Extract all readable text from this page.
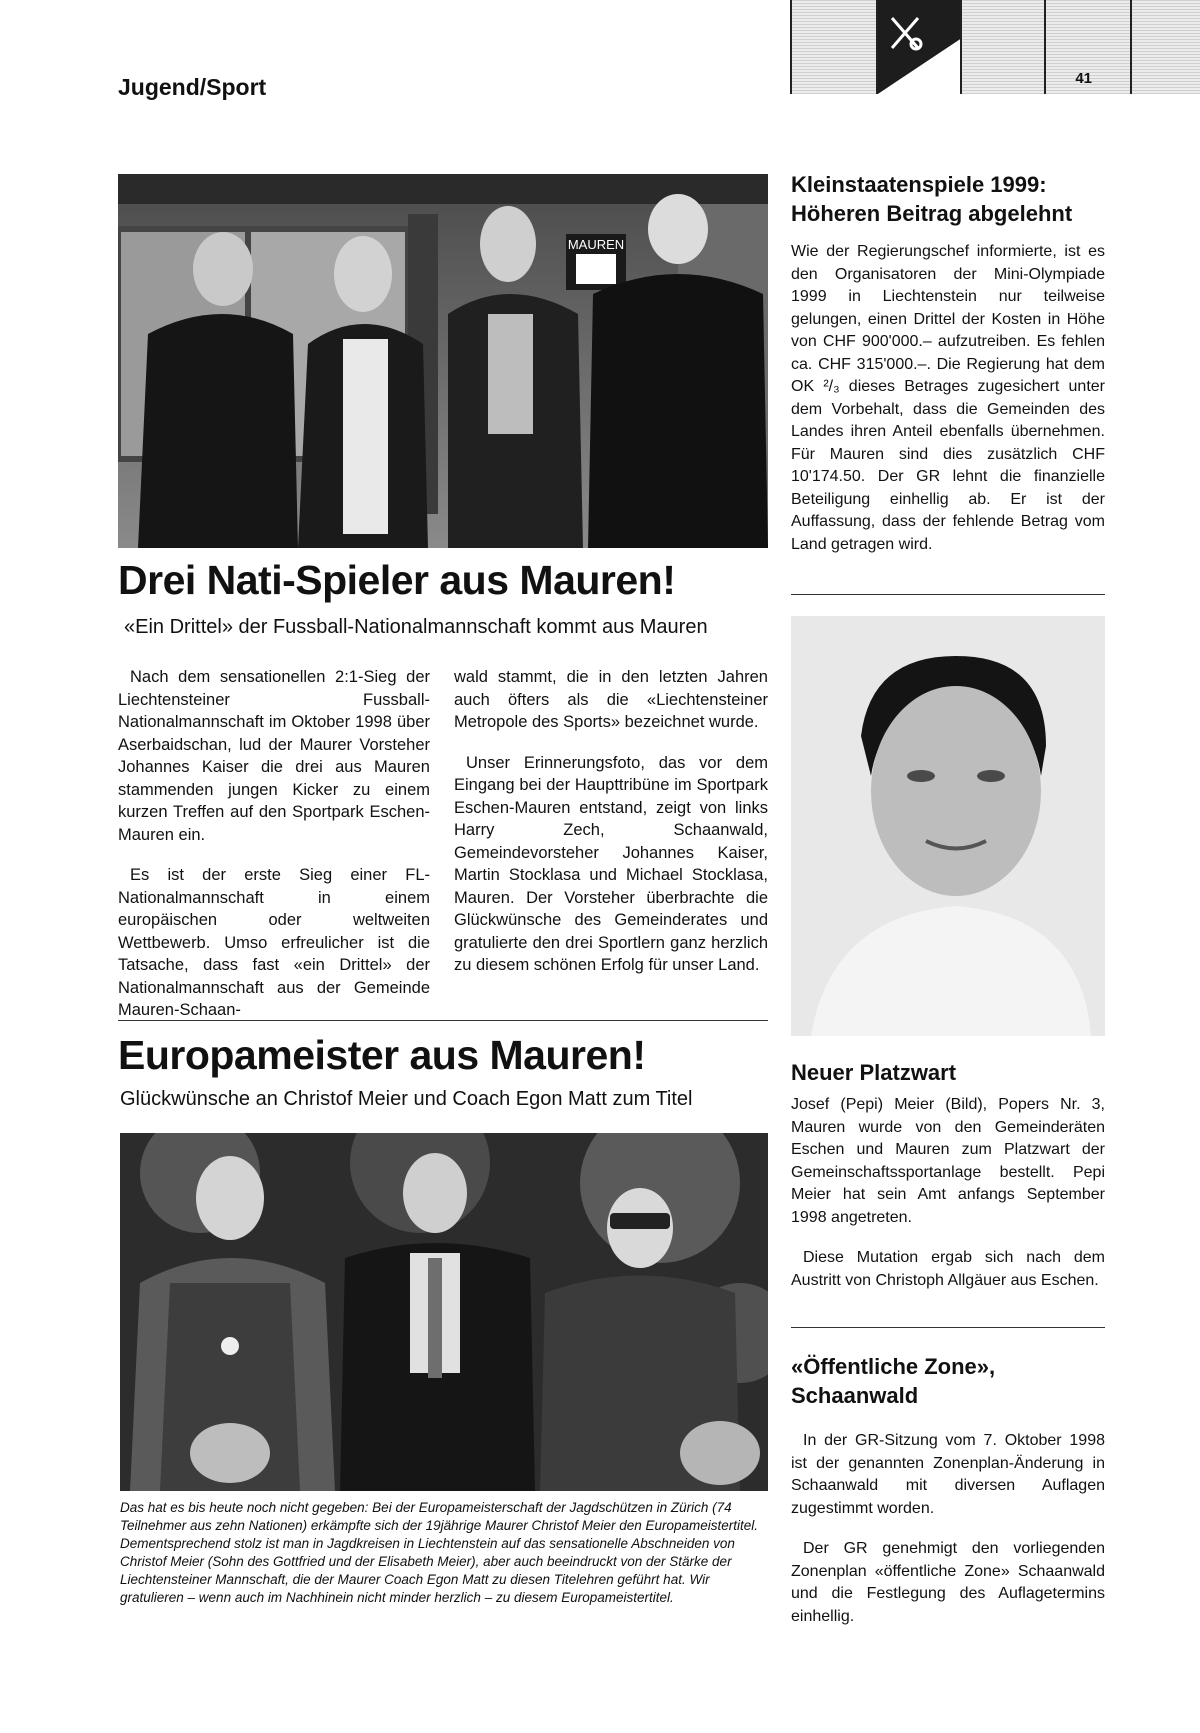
Jugend/Sport	41
MAUREN
Drei Nati-Spieler aus Mauren!
«Ein Drittel» der Fussball-Nationalmannschaft kommt aus Mauren

Nach dem sensationellen 2:1-Sieg der Liechtensteiner Fussball-Nationalmannschaft im Oktober 1998 über Aserbaidschan, lud der Maurer Vorsteher Johannes Kaiser die drei aus Mauren stammenden jungen Kicker zu einem kurzen Treffen auf den Sportpark Eschen-Mauren ein.

Es ist der erste Sieg einer FL-Nationalmannschaft in einem europäischen oder weltweiten Wettbewerb. Umso erfreulicher ist die Tatsache, dass fast «ein Drittel» der Nationalmannschaft aus der Gemeinde Mauren-Schaan-

wald stammt, die in den letzten Jahren auch öfters als die «Liechtensteiner Metropole des Sports» bezeichnet wurde.

Unser Erinnerungsfoto, das vor dem Eingang bei der Haupttribüne im Sportpark Eschen-Mauren entstand, zeigt von links Harry Zech, Schaanwald, Gemeindevorsteher Johannes Kaiser, Martin Stocklasa und Michael Stocklasa, Mauren. Der Vorsteher überbrachte die Glückwünsche des Gemeinderates und gratulierte den drei Sportlern ganz herzlich zu diesem schönen Erfolg für unser Land.

Europameister aus Mauren!
Glückwünsche an Christof Meier und Coach Egon Matt zum Titel
Das hat es bis heute noch nicht gegeben: Bei der Europameisterschaft der Jagdschützen in Zürich (74 Teilnehmer aus zehn Nationen) erkämpfte sich der 19jährige Maurer Christof Meier den Europameistertitel. Dementsprechend stolz ist man in Jagdkreisen in Liechtenstein auf das sensationelle Abschneiden von Christof Meier (Sohn des Gottfried und der Elisabeth Meier), aber auch beeindruckt von der Stärke der Liechtensteiner Mannschaft, die der Maurer Coach Egon Matt zu diesen Titelehren geführt hat. Wir gratulieren – wenn auch im Nachhinein nicht minder herzlich – zu diesem Europameistertitel.
Kleinstaatenspiele 1999: Höheren Beitrag abgelehnt
Wie der Regierungschef informierte, ist es den Organisatoren der Mini-Olympiade 1999 in Liechtenstein nur teilweise gelungen, einen Drittel der Kosten in Höhe von CHF 900'000.– aufzutreiben. Es fehlen ca. CHF 315'000.–. Die Regierung hat dem OK ²/₃ dieses Betrages zugesichert unter dem Vorbehalt, dass die Gemeinden des Landes ihren Anteil ebenfalls übernehmen. Für Mauren sind dies zusätzlich CHF 10'174.50. Der GR lehnt die finanzielle Beteiligung einhellig ab. Er ist der Auffassung, dass der fehlende Betrag vom Land getragen wird.
Neuer Platzwart

Josef (Pepi) Meier (Bild), Popers Nr. 3, Mauren wurde von den Gemeinderäten Eschen und Mauren zum Platzwart der Gemeinschaftssportanlage bestellt. Pepi Meier hat sein Amt anfangs September 1998 angetreten.

Diese Mutation ergab sich nach dem Austritt von Christoph Allgäuer aus Eschen.

«Öffentliche Zone», Schaanwald

In der GR-Sitzung vom 7. Oktober 1998 ist der genannten Zonenplan-Änderung in Schaanwald mit diversen Auflagen zugestimmt worden.

Der GR genehmigt den vorliegenden Zonenplan «öffentliche Zone» Schaanwald und die Festlegung des Auflagetermins einhellig.
